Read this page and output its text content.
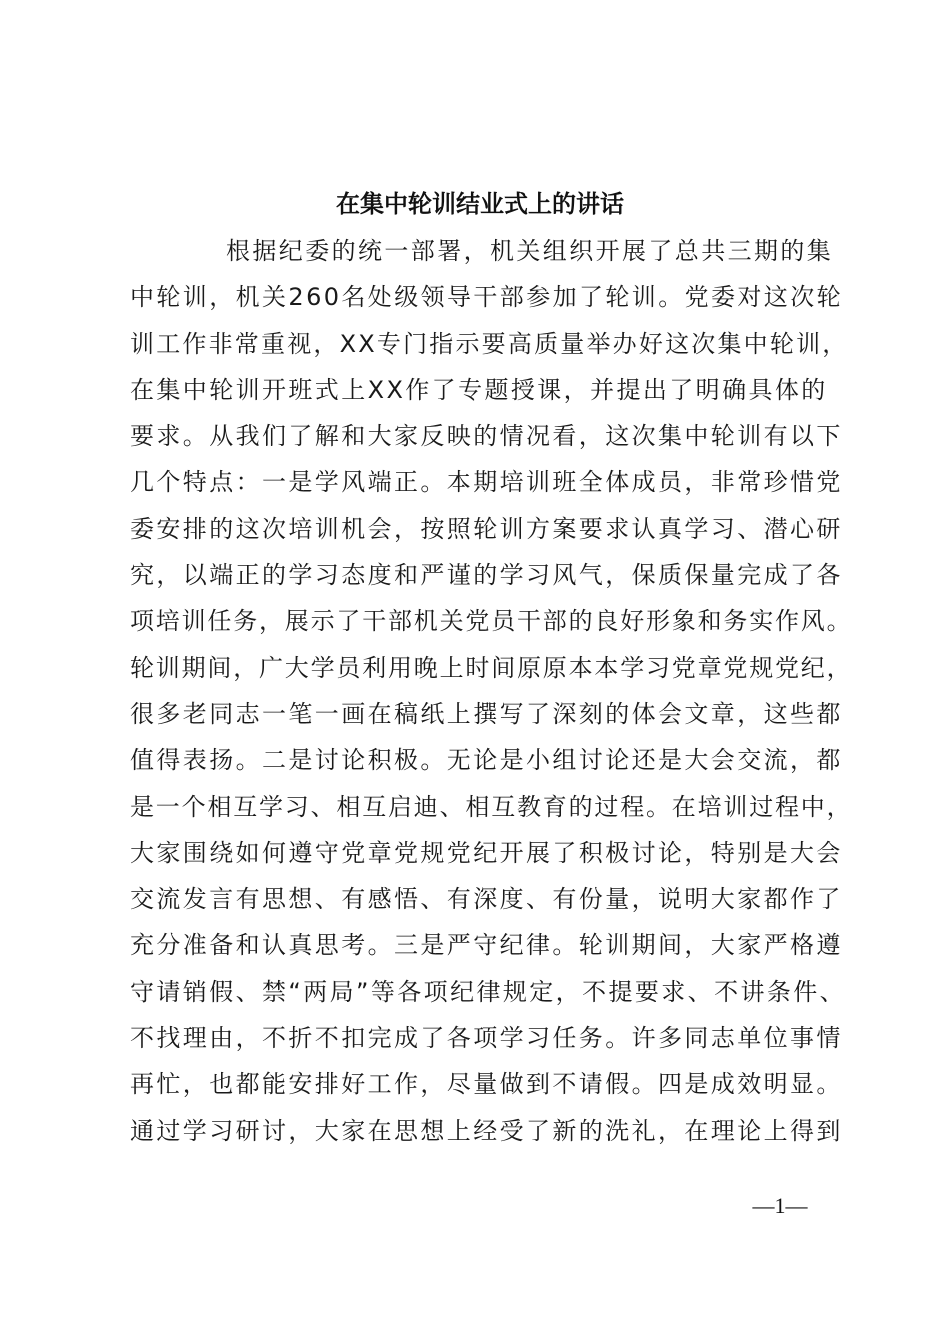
在集中轮训结业式上的讲话
根据纪委的统一部署，机关组织开展了总共三期的集
中轮训，机关260名处级领导干部参加了轮训。党委对这次轮
训工作非常重视，XX专门指示要高质量举办好这次集中轮训，
在集中轮训开班式上XX作了专题授课，并提出了明确具体的
要求。从我们了解和大家反映的情况看，这次集中轮训有以下
几个特点：一是学风端正。本期培训班全体成员，非常珍惜党
委安排的这次培训机会，按照轮训方案要求认真学习、潜心研
究，以端正的学习态度和严谨的学习风气，保质保量完成了各
项培训任务，展示了干部机关党员干部的良好形象和务实作风。
轮训期间，广大学员利用晚上时间原原本本学习党章党规党纪，
很多老同志一笔一画在稿纸上撰写了深刻的体会文章，这些都
值得表扬。二是讨论积极。无论是小组讨论还是大会交流，都
是一个相互学习、相互启迪、相互教育的过程。在培训过程中，
大家围绕如何遵守党章党规党纪开展了积极讨论，特别是大会
交流发言有思想、有感悟、有深度、有份量，说明大家都作了
充分准备和认真思考。三是严守纪律。轮训期间，大家严格遵
守请销假、禁“两局”等各项纪律规定，不提要求、不讲条件、
不找理由，不折不扣完成了各项学习任务。许多同志单位事情
再忙，也都能安排好工作，尽量做到不请假。四是成效明显。
通过学习研讨，大家在思想上经受了新的洗礼，在理论上得到
—1—
